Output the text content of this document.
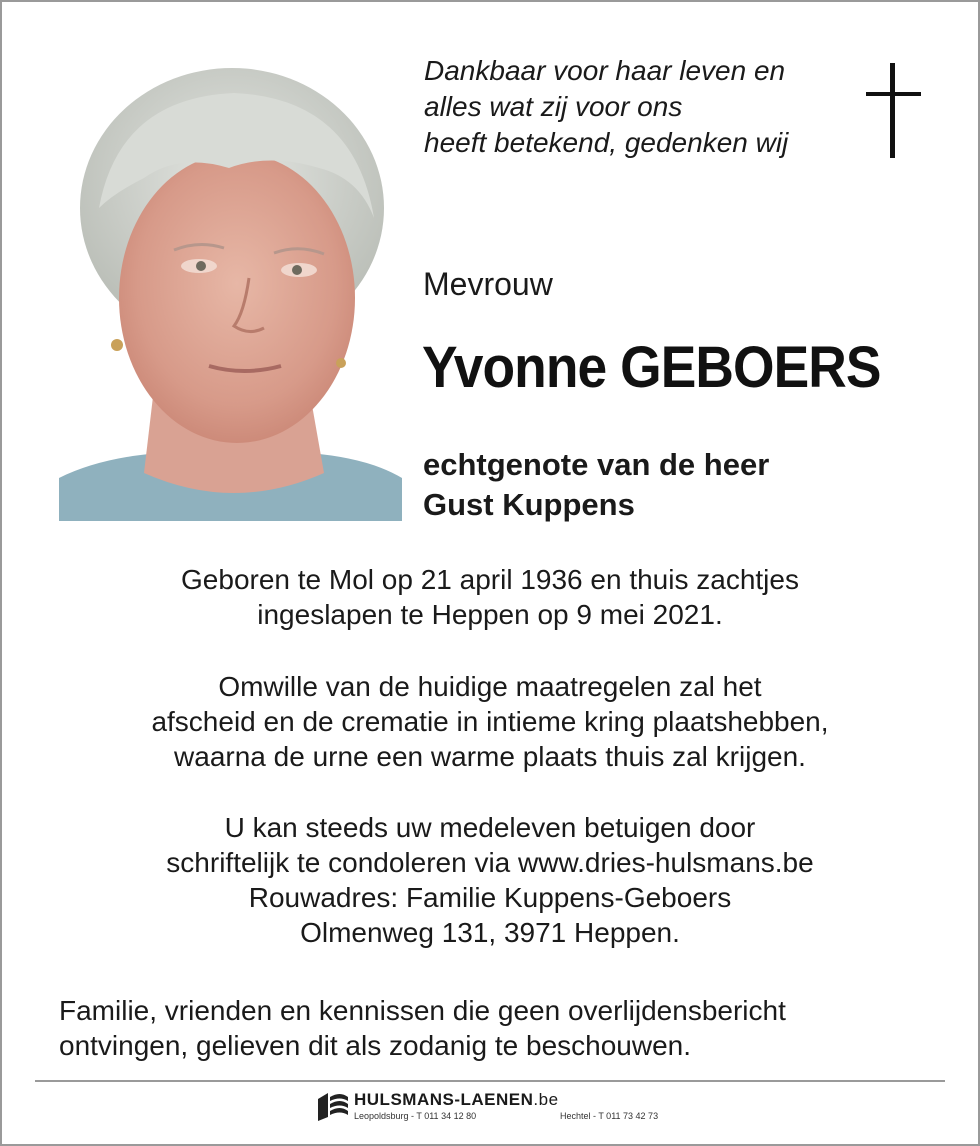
Dankbaar voor haar leven en
alles wat zij voor ons
heeft betekend, gedenken wij
Mevrouw
Yvonne GEBOERS
echtgenote van de heer
Gust Kuppens
Geboren te Mol op 21 april 1936 en thuis zachtjes
ingeslapen te Heppen op 9 mei 2021.
Omwille van de huidige maatregelen zal het
afscheid en de crematie in intieme kring plaatshebben,
waarna de urne een warme plaats thuis zal krijgen.
U kan steeds uw medeleven betuigen door
schriftelijk te condoleren via www.dries-hulsmans.be
Rouwadres: Familie Kuppens-Geboers
Olmenweg 131, 3971 Heppen.
Familie, vrienden en kennissen die geen overlijdensbericht
ontvingen, gelieven dit als zodanig te beschouwen.
HULSMANS-LAENEN.be
Leopoldsburg - T 011 34 12 80	Hechtel - T 011 73 42 73
